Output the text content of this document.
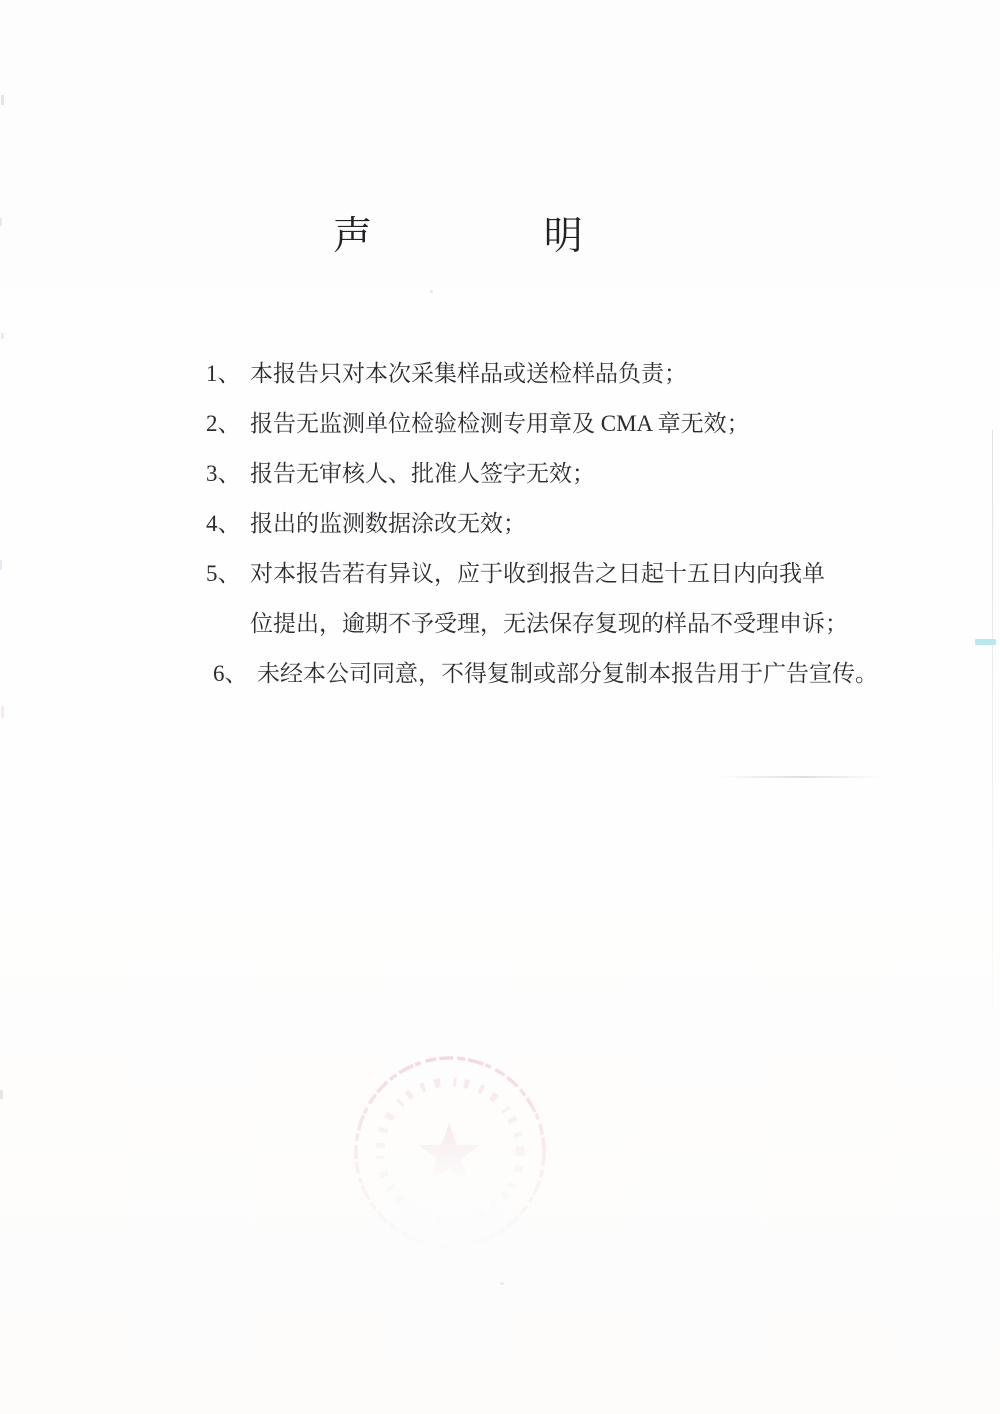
声 明
1、 本报告只对本次采集样品或送检样品负责；
2、 报告无监测单位检验检测专用章及 CMA 章无效；
3、 报告无审核人、批准人签字无效；
4、 报出的监测数据涂改无效；
5、 对本报告若有异议，应于收到报告之日起十五日内向我单
位提出，逾期不予受理，无法保存复现的样品不受理申诉；
6、 未经本公司同意，不得复制或部分复制本报告用于广告宣传。
